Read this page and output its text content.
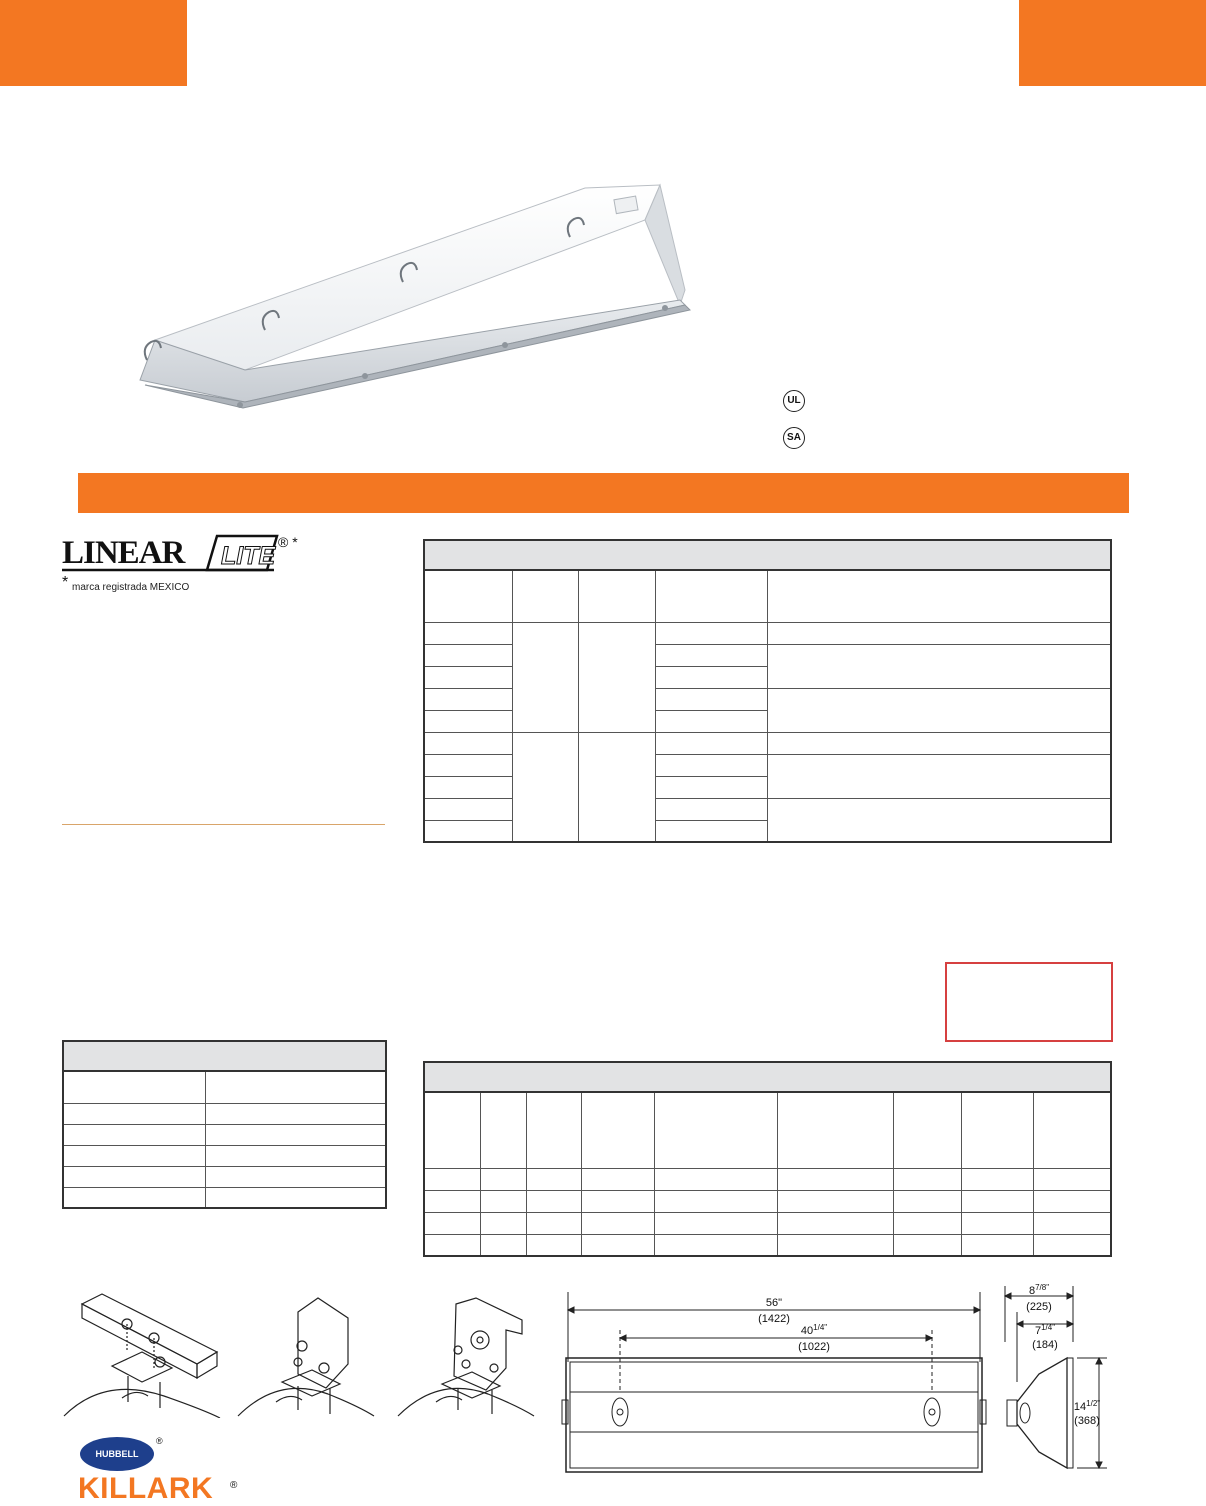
UL
SA
LINEAR LITE ® *
* marca registrada MEXICO

56"
(1422)
$40^{1/4"}$
(1022)
$8^{7/8"}$
(225)
$7^{1/4"}$
(184)
$14^{1/2"}$
(368)
HUBBELL
®
KILLARK ®
